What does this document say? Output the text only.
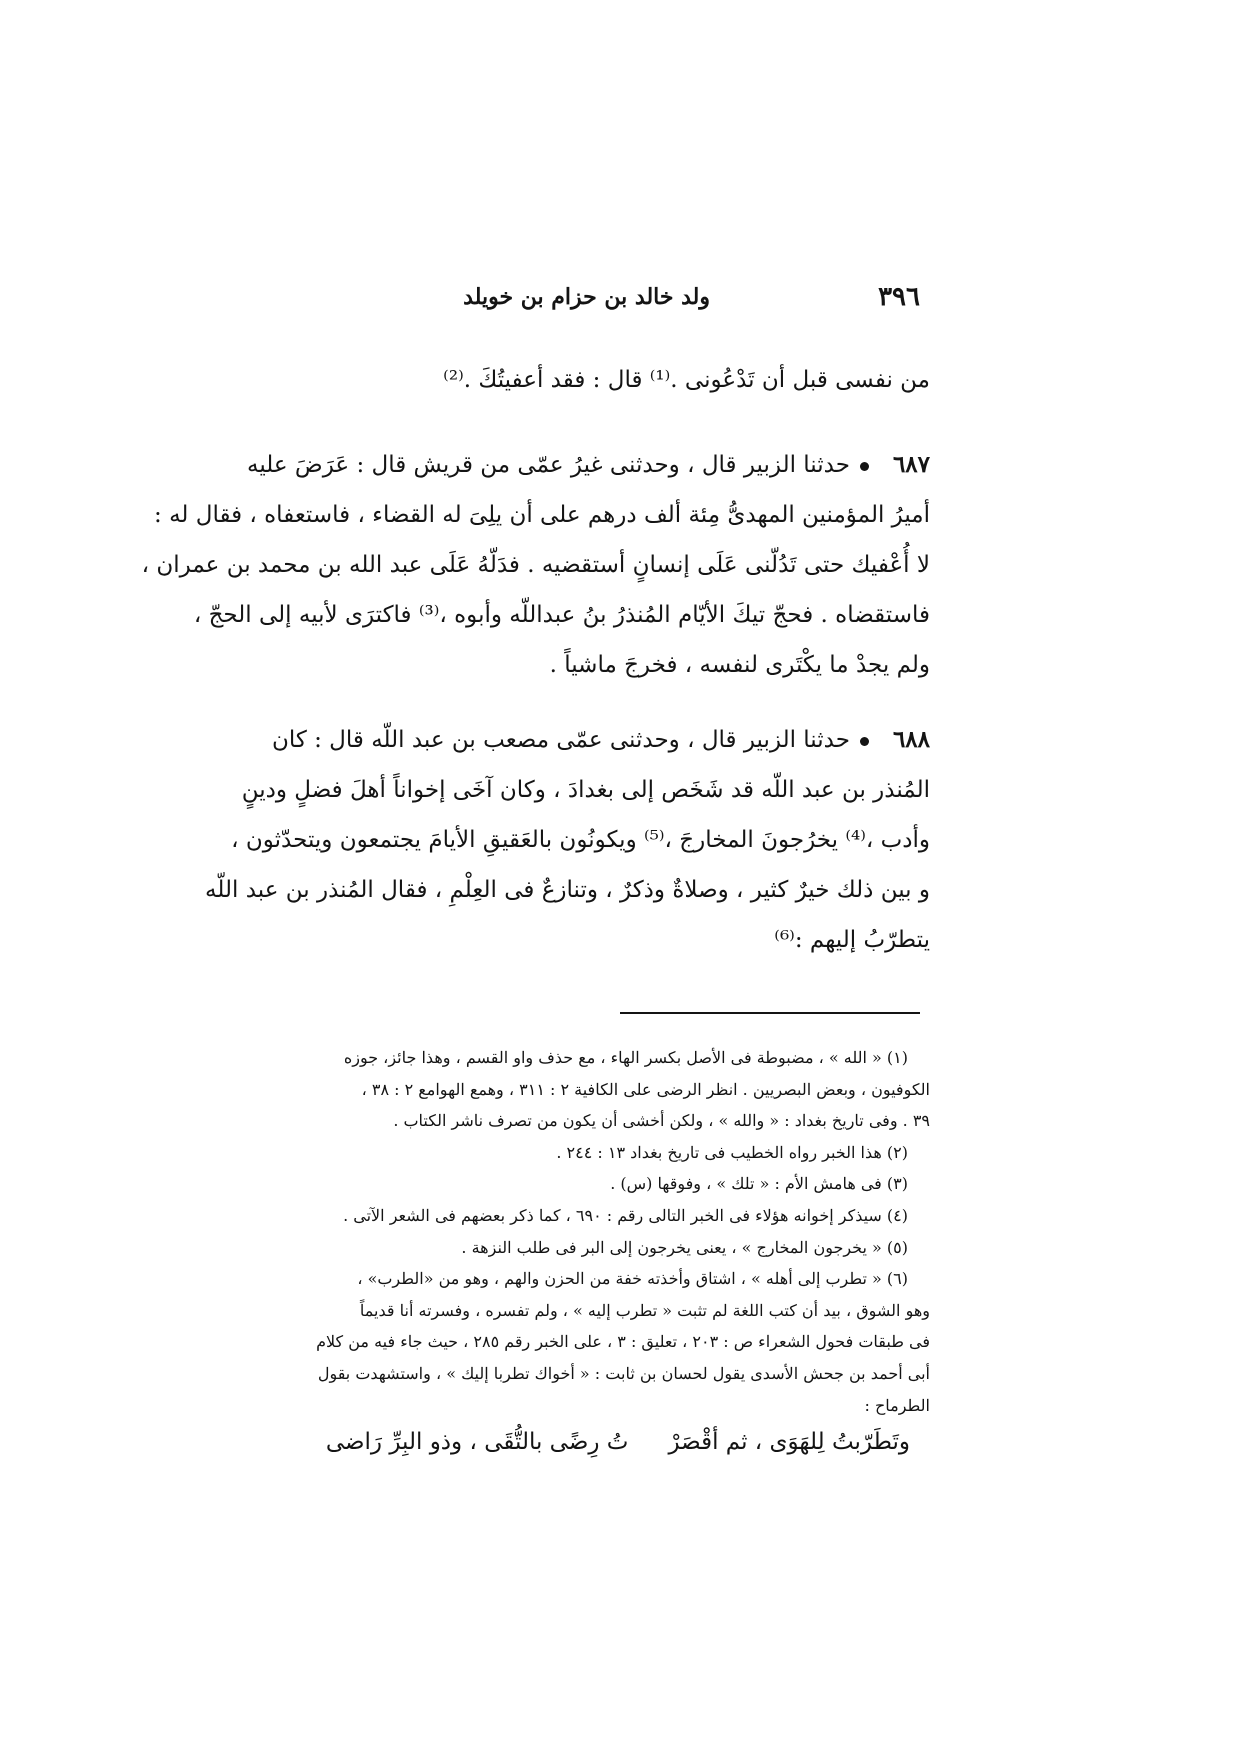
٣٩٦
ولد خالد بن حزام بن خويلد
من نفسى قبل أن تَدْعُونى .⁽¹⁾ قال : فقد أعفيتُكَ .⁽²⁾
٦٨٧حدثنا الزبير قال ، وحدثنى غيرُ عمّى من قريش قال : عَرَضَ عليه
أميرُ المؤمنين المهدىُّ مِئة ألف درهم على أن يلِىَ له القضاء ، فاستعفاه ، فقال له :
لا أُعْفيك حتى تَدُلّنى عَلَى إنسانٍ أستقضيه . فدَلّهُ عَلَى عبد الله بن محمد بن عمران ،
فاستقضاه . فحجّ تيكَ الأيّام المُنذرُ بنُ عبداللّه وأبوه ،⁽³⁾ فاكترَى لأبيه إلى الحجّ ،
ولم يجدْ ما يكْتَرى لنفسه ، فخرجَ ماشياً .
٦٨٨حدثنا الزبير قال ، وحدثنى عمّى مصعب بن عبد اللّه قال : كان
المُنذر بن عبد اللّه قد شَخَص إلى بغدادَ ، وكان آخَى إخواناً أهلَ فضلٍ ودينٍ
وأدب ،⁽⁴⁾ يخرُجونَ المخارجَ ،⁽⁵⁾ ويكونُون بالعَقيقِ الأيامَ يجتمعون ويتحدّثون ،
و بين ذلك خيرٌ كثير ، وصلاةٌ وذكرٌ ، وتنازعٌ فى العِلْمِ ، فقال المُنذر بن عبد اللّه
يتطرّبُ إليهم :⁽⁶⁾
(١) « الله » ، مضبوطة فى الأصل بكسر الهاء ، مع حذف واو القسم ، وهذا جائز، جوزه
الكوفيون ، وبعض البصريين . انظر الرضى على الكافية ٢ : ٣١١ ، وهمع الهوامع ٢ : ٣٨ ،
٣٩ . وفى تاريخ بغداد : « والله » ، ولكن أخشى أن يكون من تصرف ناشر الكتاب .
(٢) هذا الخبر رواه الخطيب فى تاريخ بغداد ١٣ : ٢٤٤ .
(٣) فى هامش الأم : « تلك » ، وفوقها (س) .
(٤) سيذكر إخوانه هؤلاء فى الخبر التالى رقم : ٦٩٠ ، كما ذكر بعضهم فى الشعر الآتى .
(٥) « يخرجون المخارج » ، يعنى يخرجون إلى البر فى طلب النزهة .
(٦) « تطرب إلى أهله » ، اشتاق وأخذته خفة من الحزن والهم ، وهو من «الطرب» ،
وهو الشوق ، بيد أن كتب اللغة لم تثبت « تطرب إليه » ، ولم تفسره ، وفسرته أنا قديماً
فى طبقات فحول الشعراء ص : ٢٠٣ ، تعليق : ٣ ، على الخبر رقم ٢٨٥ ، حيث جاء فيه من كلام
أبى أحمد بن جحش الأسدى يقول لحسان بن ثابت : « أخواك تطربا إليك » ، واستشهدت بقول
الطرماح :
وتَطَرّبتُ لِلهَوَى ، ثم أقْصَرْتُ رِضًى بالتُّقَى ، وذو البِرِّ رَاضى
